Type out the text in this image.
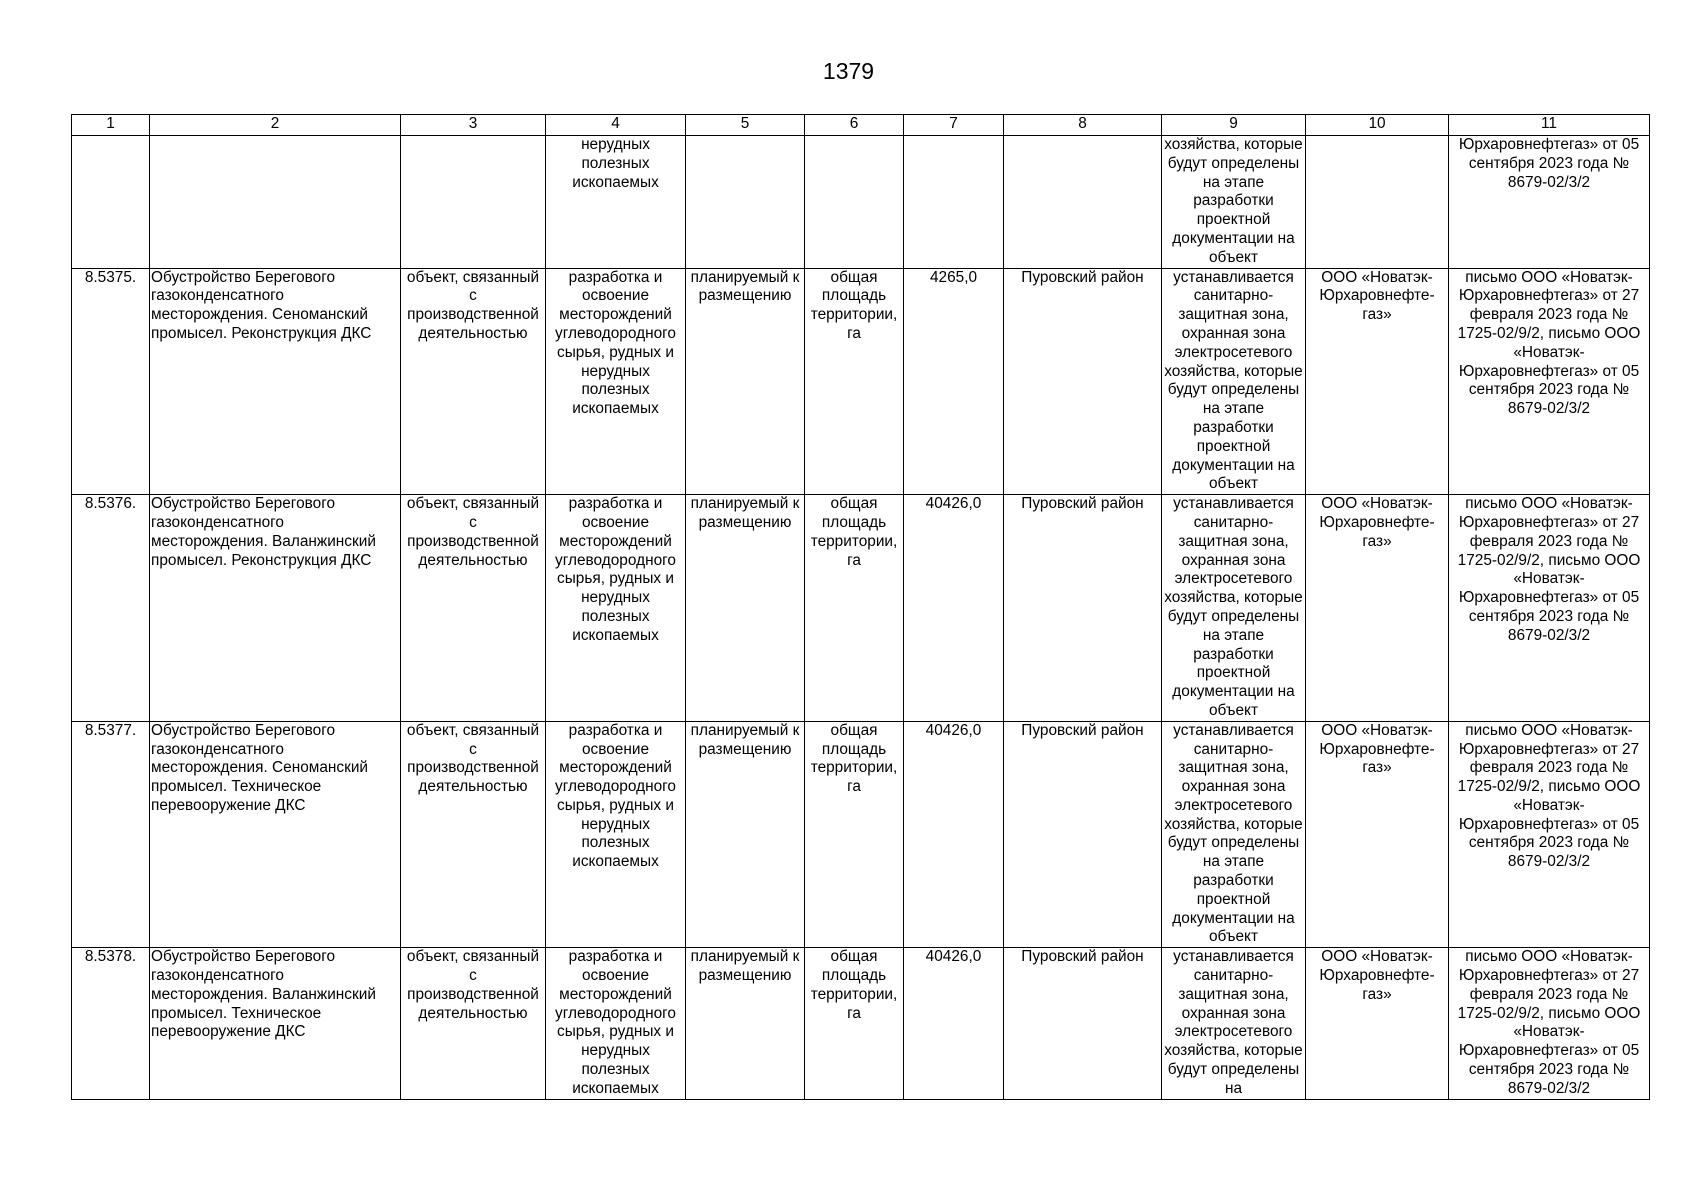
1379
1	2	3	4	5	6	7	8	9	10	11
			нерудных полезных ископаемых					хозяйства, которые будут определены на этапе разработки проектной документации на объект		Юрхаровнефтегаз» от 05 сентября 2023 года № 8679-02/3/2
8.5375.	Обустройство Берегового газоконденсатного месторождения. Сеноманский промысел. Реконструкция ДКС	объект, связанный с производственной деятельностью	разработка и освоение месторождений углеводородного сырья, рудных и нерудных полезных ископаемых	планируемый к размещению	общая площадь территории, га	4265,0	Пуровский район	устанавливается санитарно-защитная зона, охранная зона электросетевого хозяйства, которые будут определены на этапе разработки проектной документации на объект	ООО «Новатэк-Юрхаровнефте-газ»	письмо ООО «Новатэк-Юрхаровнефтегаз» от 27 февраля 2023 года № 1725-02/9/2, письмо ООО «Новатэк-Юрхаровнефтегаз» от 05 сентября 2023 года № 8679-02/3/2
8.5376.	Обустройство Берегового газоконденсатного месторождения. Валанжинский промысел. Реконструкция ДКС	объект, связанный с производственной деятельностью	разработка и освоение месторождений углеводородного сырья, рудных и нерудных полезных ископаемых	планируемый к размещению	общая площадь территории, га	40426,0	Пуровский район	устанавливается санитарно-защитная зона, охранная зона электросетевого хозяйства, которые будут определены на этапе разработки проектной документации на объект	ООО «Новатэк-Юрхаровнефте-газ»	письмо ООО «Новатэк-Юрхаровнефтегаз» от 27 февраля 2023 года № 1725-02/9/2, письмо ООО «Новатэк-Юрхаровнефтегаз» от 05 сентября 2023 года № 8679-02/3/2
8.5377.	Обустройство Берегового газоконденсатного месторождения. Сеноманский промысел. Техническое перевооружение ДКС	объект, связанный с производственной деятельностью	разработка и освоение месторождений углеводородного сырья, рудных и нерудных полезных ископаемых	планируемый к размещению	общая площадь территории, га	40426,0	Пуровский район	устанавливается санитарно-защитная зона, охранная зона электросетевого хозяйства, которые будут определены на этапе разработки проектной документации на объект	ООО «Новатэк-Юрхаровнефте-газ»	письмо ООО «Новатэк-Юрхаровнефтегаз» от 27 февраля 2023 года № 1725-02/9/2, письмо ООО «Новатэк-Юрхаровнефтегаз» от 05 сентября 2023 года № 8679-02/3/2
8.5378.	Обустройство Берегового газоконденсатного месторождения. Валанжинский промысел. Техническое перевооружение ДКС	объект, связанный с производственной деятельностью	разработка и освоение месторождений углеводородного сырья, рудных и нерудных полезных ископаемых	планируемый к размещению	общая площадь территории, га	40426,0	Пуровский район	устанавливается санитарно-защитная зона, охранная зона электросетевого хозяйства, которые будут определены на	ООО «Новатэк-Юрхаровнефте-газ»	письмо ООО «Новатэк-Юрхаровнефтегаз» от 27 февраля 2023 года № 1725-02/9/2, письмо ООО «Новатэк-Юрхаровнефтегаз» от 05 сентября 2023 года № 8679-02/3/2
